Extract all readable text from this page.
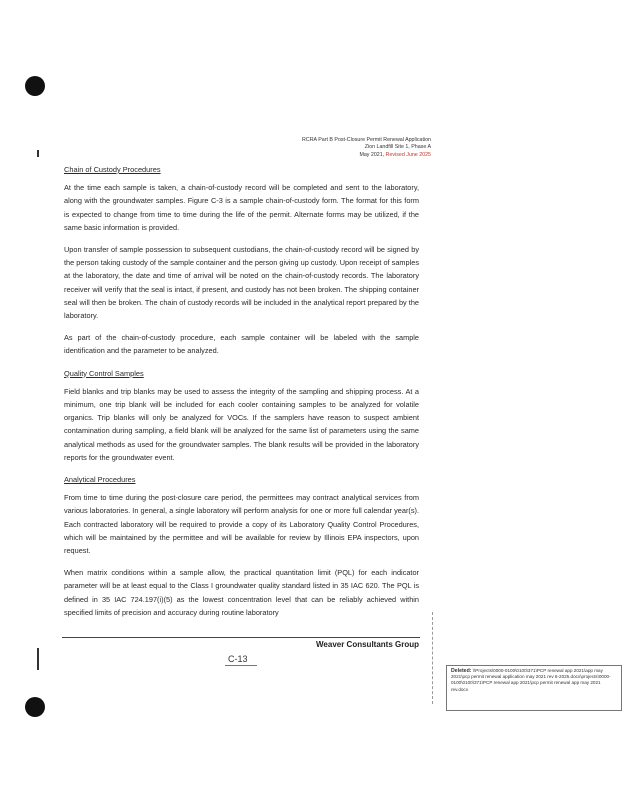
RCRA Part B Post-Closure Permit Renewal Application
Zion Landfill Site 1, Phase A
May 2021, Revised June 2025
Chain of Custody Procedures

At the time each sample is taken, a chain-of-custody record will be completed and sent to the laboratory, along with the groundwater samples. Figure C-3 is a sample chain-of-custody form. The format for this form is expected to change from time to time during the life of the permit. Alternate forms may be utilized, if the same basic information is provided.

Upon transfer of sample possession to subsequent custodians, the chain-of-custody record will be signed by the person taking custody of the sample container and the person giving up custody. Upon receipt of samples at the laboratory, the date and time of arrival will be noted on the chain-of-custody records. The laboratory receiver will verify that the seal is intact, if present, and custody has not been broken. The shipping container seal will then be broken. The chain of custody records will be included in the analytical report prepared by the laboratory.

As part of the chain-of-custody procedure, each sample container will be labeled with the sample identification and the parameter to be analyzed.

Quality Control Samples

Field blanks and trip blanks may be used to assess the integrity of the sampling and shipping process. At a minimum, one trip blank will be included for each cooler containing samples to be analyzed for volatile organics. Trip blanks will only be analyzed for VOCs. If the samplers have reason to suspect ambient contamination during sampling, a field blank will be analyzed for the same list of parameters using the same analytical methods as used for the groundwater samples. The blank results will be provided in the laboratory reports for the groundwater event.

Analytical Procedures

From time to time during the post-closure care period, the permittees may contract analytical services from various laboratories. In general, a single laboratory will perform analysis for one or more full calendar year(s). Each contracted laboratory will be required to provide a copy of its Laboratory Quality Control Procedures, which will be maintained by the permittee and will be available for review by Illinois EPA inspectors, upon request.

When matrix conditions within a sample allow, the practical quantitation limit (PQL) for each indicator parameter will be at least equal to the Class I groundwater quality standard listed in 35 IAC 620. The PQL is defined in 35 IAC 724.197(i)(5) as the lowest concentration level that can be reliably achieved within specified limits of precision and accuracy during routine laboratory

Weaver Consultants Group
C-13
Deleted: \\Projects\0000-0100\0100\371\PCP renewal app 2021\app may 2021\pcp permit renewal application may 2021 rev 6-2025.docx\projects\0000-0100\0100\371\PCP renewal app 2021\pcp permit renewal app may 2021 rev.docx
